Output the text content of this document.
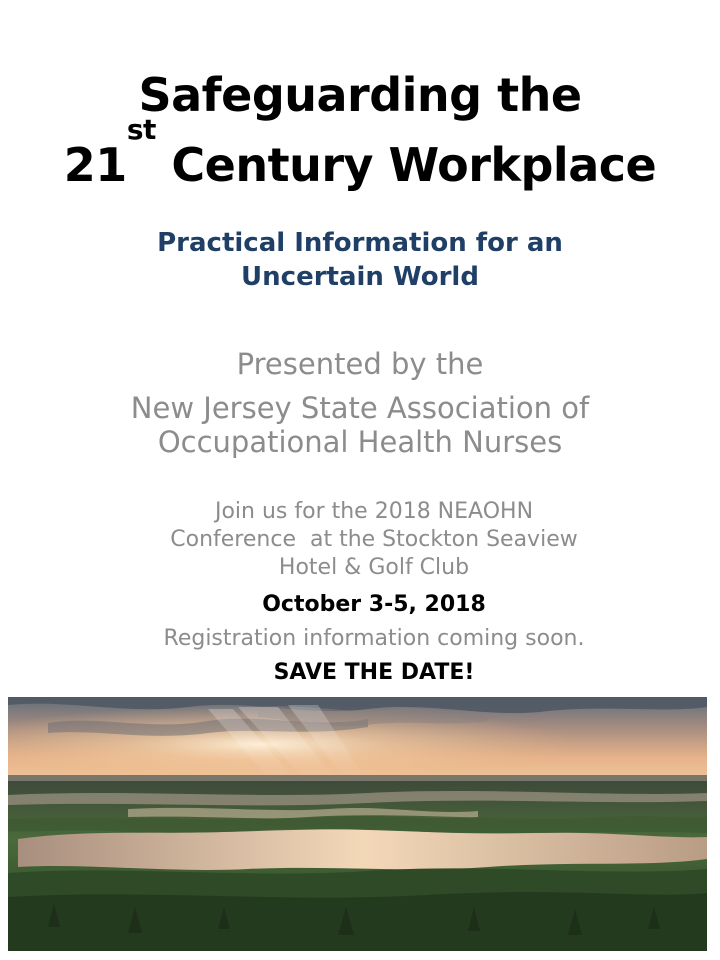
Safeguarding the
21st Century Workplace
Practical Information for an
Uncertain World
Presented by the
New Jersey State Association of
Occupational Health Nurses
Join us for the 2018 NEAOHN
Conference  at the Stockton Seaview
Hotel & Golf Club
October 3-5, 2018
Registration information coming soon.
SAVE THE DATE!
